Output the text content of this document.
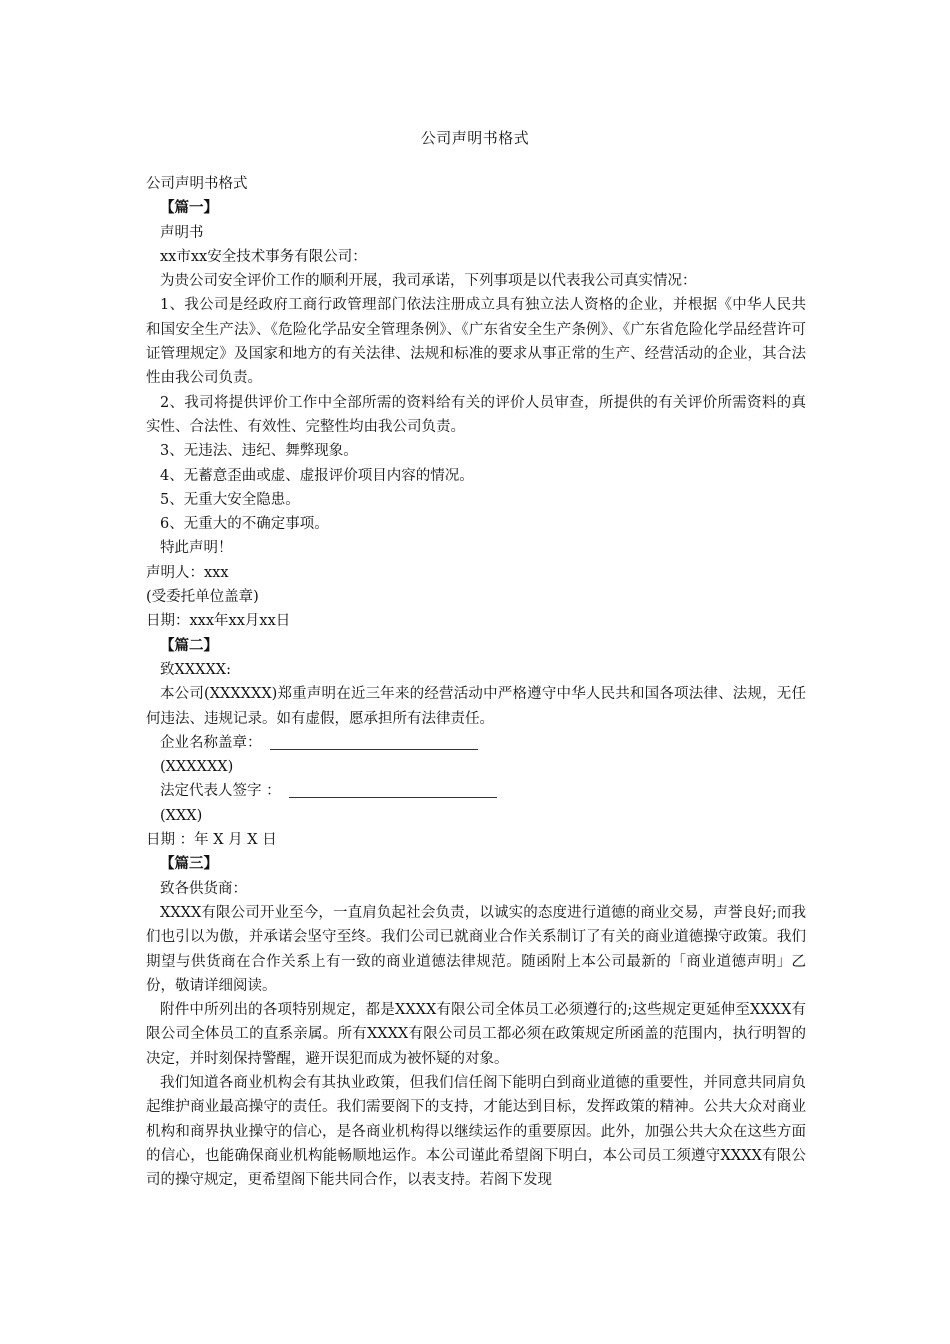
公司声明书格式
公司声明书格式
【篇一】
声明书
xx市xx安全技术事务有限公司：
为贵公司安全评价工作的顺利开展，我司承诺，下列事项是以代表我公司真实情况：
1、我公司是经政府工商行政管理部门依法注册成立具有独立法人资格的企业，并根据《中华人民共和国安全生产法》、《危险化学品安全管理条例》、《广东省安全生产条例》、《广东省危险化学品经营许可证管理规定》及国家和地方的有关法律、法规和标准的要求从事正常的生产、经营活动的企业，其合法性由我公司负责。
2、我司将提供评价工作中全部所需的资料给有关的评价人员审查，所提供的有关评价所需资料的真实性、合法性、有效性、完整性均由我公司负责。
3、无违法、违纪、舞弊现象。
4、无蓄意歪曲或虚、虚报评价项目内容的情况。
5、无重大安全隐患。
6、无重大的不确定事项。
特此声明！
声明人：xxx
(受委托单位盖章)
日期：xxx年xx月xx日
【篇二】
致XXXXX:
本公司(XXXXXX)郑重声明在近三年来的经营活动中严格遵守中华人民共和国各项法律、法规，无任何违法、违规记录。如有虚假，愿承担所有法律责任。
企业名称盖章：
(XXXXXX)
法定代表人签字 ：
(XXX)
日期 ：年 X 月 X 日
【篇三】
致各供货商：
XXXX有限公司开业至今，一直肩负起社会负责，以诚实的态度进行道德的商业交易，声誉良好;而我们也引以为傲，并承诺会坚守至终。我们公司已就商业合作关系制订了有关的商业道德操守政策。我们期望与供货商在合作关系上有一致的商业道德法律规范。随函附上本公司最新的「商业道德声明」乙份，敬请详细阅读。
附件中所列出的各项特别规定，都是XXXX有限公司全体员工必须遵行的;这些规定更延伸至XXXX有限公司全体员工的直系亲属。所有XXXX有限公司员工都必须在政策规定所函盖的范围内，执行明智的决定，并时刻保持警醒，避开误犯而成为被怀疑的对象。
我们知道各商业机构会有其执业政策，但我们信任阁下能明白到商业道德的重要性，并同意共同肩负起维护商业最高操守的责任。我们需要阁下的支持，才能达到目标，发挥政策的精神。公共大众对商业机构和商界执业操守的信心，是各商业机构得以继续运作的重要原因。此外，加强公共大众在这些方面的信心，也能确保商业机构能畅顺地运作。本公司谨此希望阁下明白，本公司员工须遵守XXXX有限公司的操守规定，更希望阁下能共同合作，以表支持。若阁下发现
